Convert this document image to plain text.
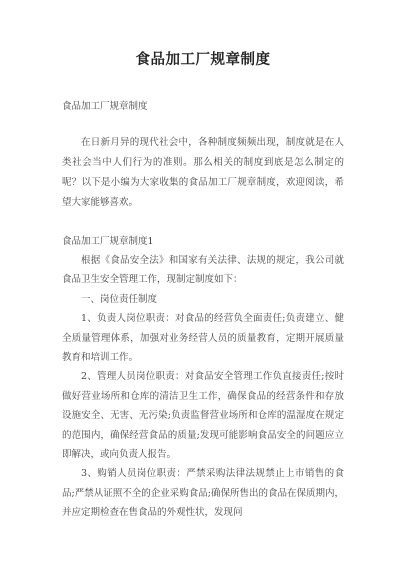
食品加工厂规章制度
食品加工厂规章制度

在日新月异的现代社会中，各种制度频频出现，制度就是在人类社会当中人们行为的准则。那么相关的制度到底是怎么制定的呢？以下是小编为大家收集的食品加工厂规章制度，欢迎阅读，希望大家能够喜欢。

食品加工厂规章制度1

根据《食品安全法》和国家有关法律、法规的规定，我公司就食品卫生安全管理工作，现制定制度如下：

一、岗位责任制度

1、负责人岗位职责：对食品的经营负全面责任;负责建立、健全质量管理体系，加强对业务经营人员的质量教育，定期开展质量教育和培训工作。

2、管理人员岗位职责：对食品安全管理工作负直接责任;按时做好营业场所和仓库的清洁卫生工作，确保食品的经营条件和存放设施安全、无害、无污染;负责监督营业场所和仓库的温湿度在规定的范围内，确保经营食品的质量;发现可能影响食品安全的问题应立即解决，或向负责人报告。

3、购销人员岗位职责：严禁采购法律法规禁止上市销售的食品;严禁从证照不全的企业采购食品;确保所售出的食品在保质期内，并应定期检查在售食品的外观性状，发现问
